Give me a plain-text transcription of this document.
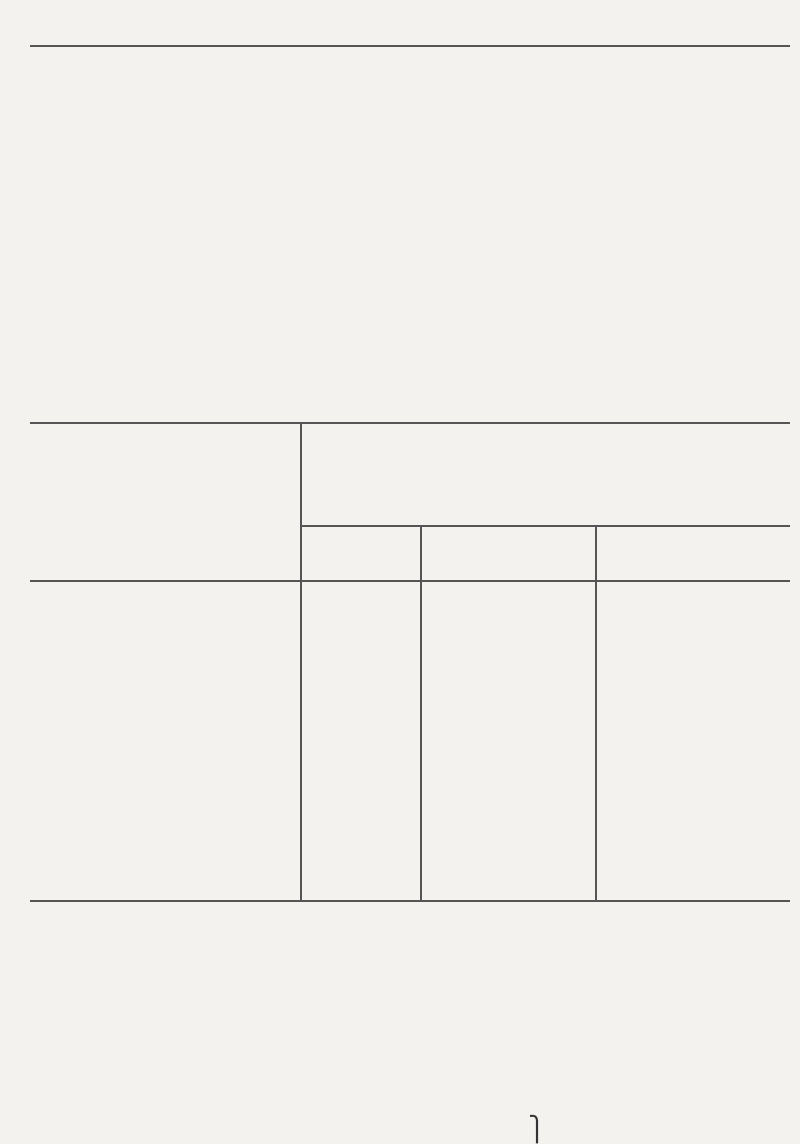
⎫
